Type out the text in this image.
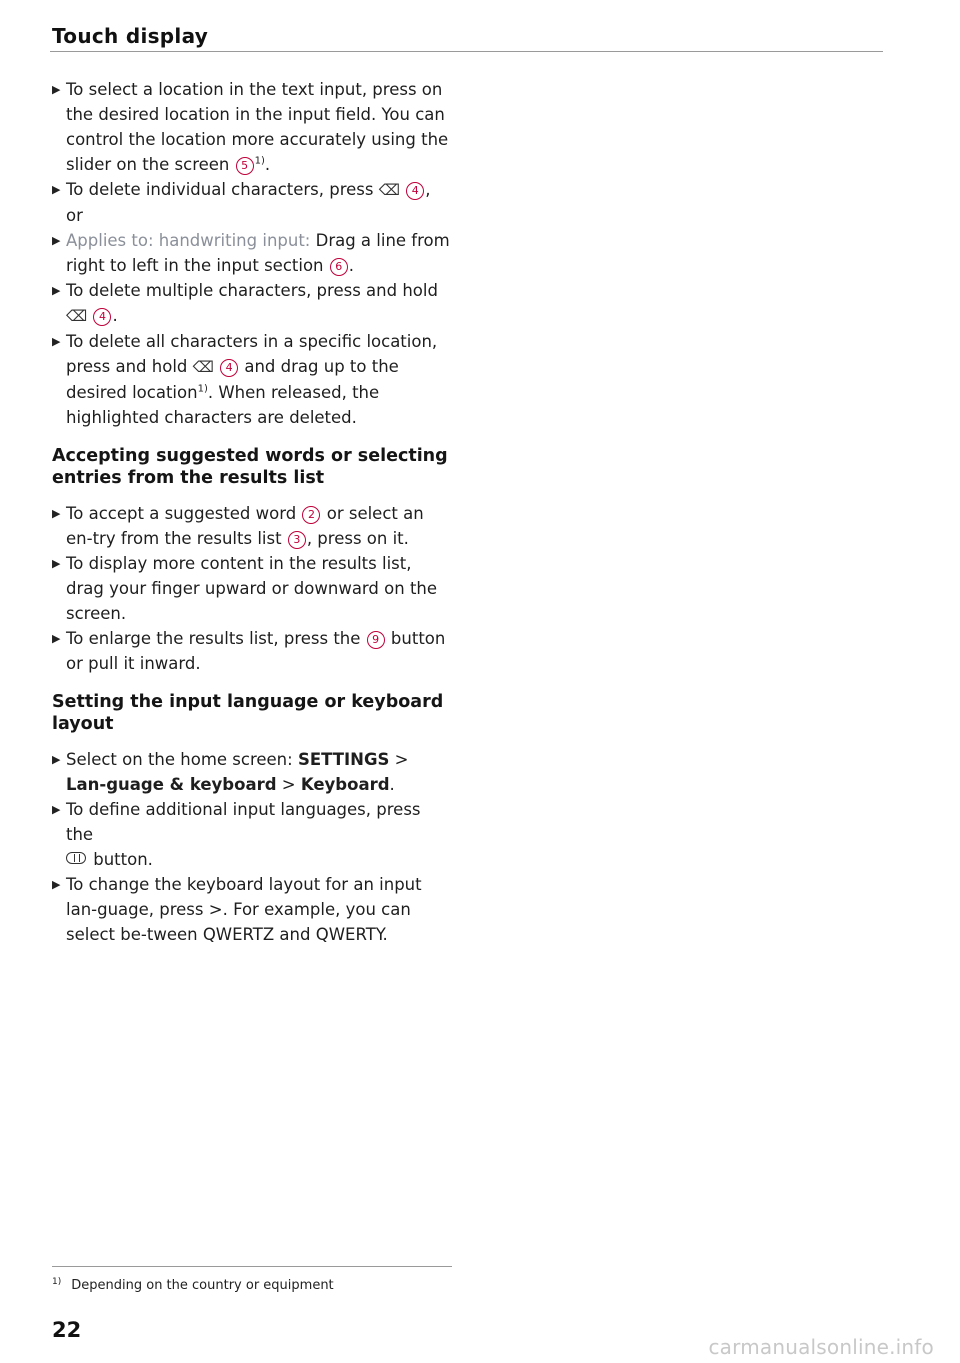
Touch display
▶ To select a location in the text input, press on the desired location in the input field. You can control the location more accurately using the slider on the screen 5 $^{1)}$.
▶ To delete individual characters, press ⌫ 4 , or
▶ Applies to: handwriting input: Drag a line from right to left in the input section 6 .
▶ To delete multiple characters, press and hold
⌫ 4 .
▶ To delete all characters in a specific location, press and hold ⌫ 4 and drag up to the desired location$^{1)}$. When released, the highlighted characters are deleted.
Accepting suggested words or selecting entries from the results list
▶ To accept a suggested word 2 or select an en-try from the results list 3 , press on it.
▶ To display more content in the results list, drag your finger upward or downward on the screen.
▶ To enlarge the results list, press the 9 button or pull it inward.
Setting the input language or keyboard layout
▶ Select on the home screen: SETTINGS > Lan-guage & keyboard > Keyboard.
▶ To define additional input languages, press the
button.
▶ To change the keyboard layout for an input lan-guage, press >. For example, you can select be-tween QWERTZ and QWERTY.
$^{1)}$ Depending on the country or equipment
22
carmanualsonline.info
